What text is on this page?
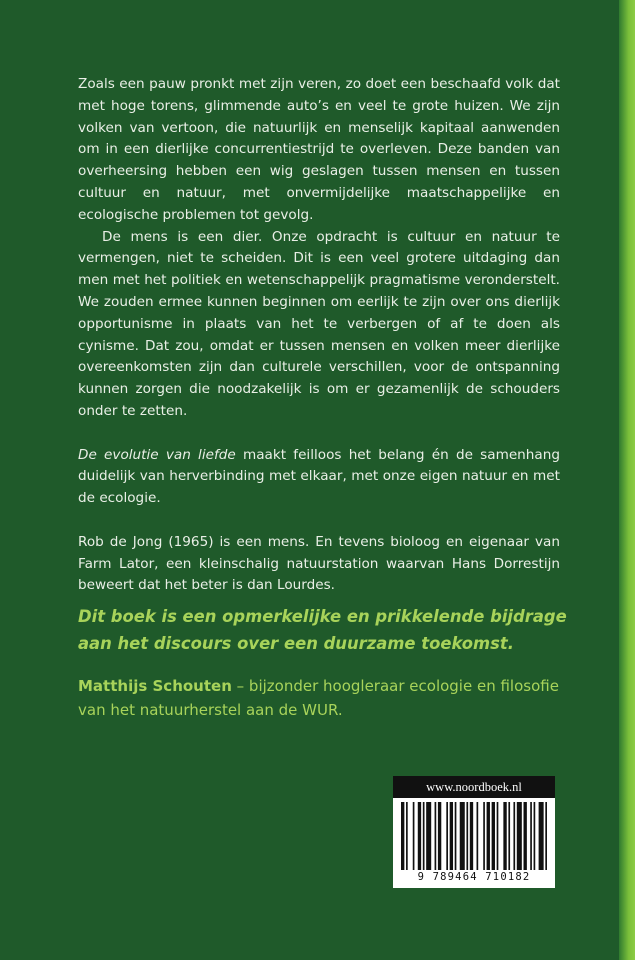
Zoals een pauw pronkt met zijn veren, zo doet een beschaafd volk dat met hoge torens, glimmende auto’s en veel te grote huizen. We zijn volken van vertoon, die natuurlijk en menselijk kapitaal aanwenden om in een dierlijke concurrentiestrijd te overleven. Deze banden van overheersing hebben een wig geslagen tussen mensen en tussen cultuur en natuur, met onvermijdelijke maatschappelijke en ecologische problemen tot gevolg.

De mens is een dier. Onze opdracht is cultuur en natuur te vermengen, niet te scheiden. Dit is een veel grotere uitdaging dan men met het politiek en wetenschappelijk pragmatisme veronderstelt. We zouden ermee kunnen beginnen om eerlijk te zijn over ons dierlijk opportunisme in plaats van het te verbergen of af te doen als cynisme. Dat zou, omdat er tussen mensen en volken meer dierlijke overeenkomsten zijn dan culturele verschillen, voor de ontspanning kunnen zorgen die noodzakelijk is om er gezamenlijk de schouders onder te zetten.

De evolutie van liefde maakt feilloos het belang én de samenhang duidelijk van herverbinding met elkaar, met onze eigen natuur en met de ecologie.

Rob de Jong (1965) is een mens. En tevens bioloog en eigenaar van Farm Lator, een kleinschalig natuurstation waarvan Hans Dorrestijn beweert dat het beter is dan Lourdes.

Dit boek is een opmerkelijke en prikkelende bijdrage aan het discours over een duurzame toekomst.
Matthijs Schouten – bijzonder hoogleraar ecologie en filosofie van het natuurherstel aan de WUR.
www.noordboek.nl
9 789464 710182
